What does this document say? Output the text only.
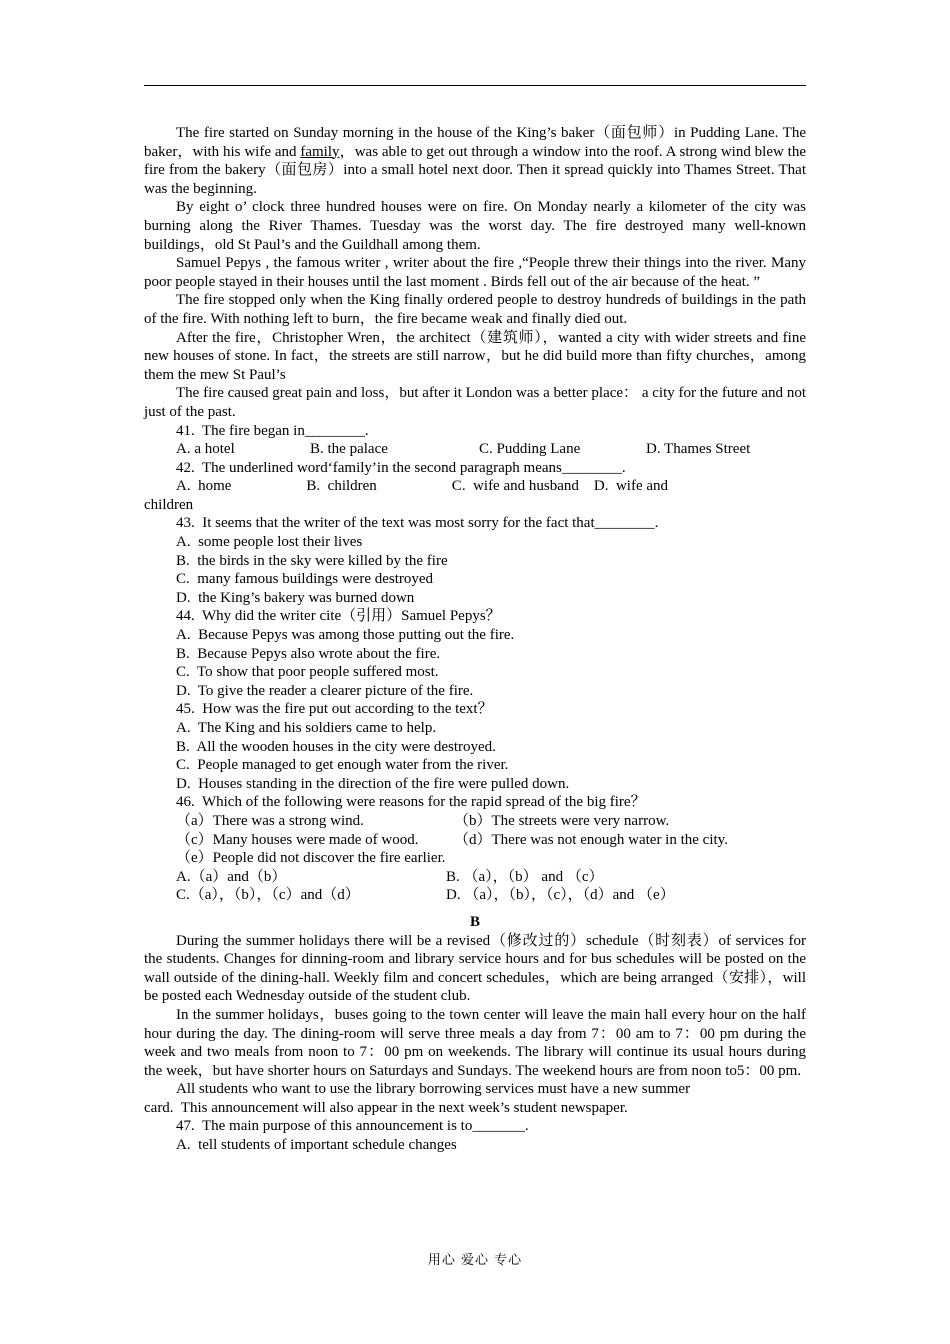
The fire started on Sunday morning in the house of the King’s baker（面包师）in Pudding Lane. The baker，with his wife and family，was able to get out through a window into the roof. A strong wind blew the fire from the bakery（面包房）into a small hotel next door. Then it spread quickly into Thames Street. That was the beginning.

By eight o’ clock three hundred houses were on fire. On Monday nearly a kilometer of the city was burning along the River Thames. Tuesday was the worst day. The fire destroyed many well-known buildings，old St Paul’s and the Guildhall among them.

Samuel Pepys , the famous writer , writer about the fire ,“People threw their things into the river. Many poor people stayed in their houses until the last moment . Birds fell out of the air because of the heat. ”

The fire stopped only when the King finally ordered people to destroy hundreds of buildings in the path of the fire. With nothing left to burn，the fire became weak and finally died out.

After the fire，Christopher Wren，the architect（建筑师），wanted a city with wider streets and fine new houses of stone. In fact，the streets are still narrow，but he did build more than fifty churches，among them the mew St Paul’s

The fire caused great pain and loss，but after it London was a better place： a city for the future and not just of the past.

41.  The fire began in________.

A. a hotel	B. the palace	C. Pudding Lane	D. Thames Street

42.  The underlined word‘family’in the second paragraph means________.

A.  home                    B.  children                    C.  wife and husband    D.  wife and

children

43.  It seems that the writer of the text was most sorry for the fact that________.

A.  some people lost their lives

B.  the birds in the sky were killed by the fire

C.  many famous buildings were destroyed

D.  the King’s bakery was burned down

44.  Why did the writer cite（引用）Samuel Pepys？

A.  Because Pepys was among those putting out the fire.

B.  Because Pepys also wrote about the fire.

C.  To show that poor people suffered most.

D.  To give the reader a clearer picture of the fire.

45.  How was the fire put out according to the text？

A.  The King and his soldiers came to help.

B.  All the wooden houses in the city were destroyed.

C.  People managed to get enough water from the river.

D.  Houses standing in the direction of the fire were pulled down.

46.  Which of the following were reasons for the rapid spread of the big fire？

（a）There was a strong wind.	（b）The streets were very narrow.
（c）Many houses were made of wood.	（d）There was not enough water in the city.

（e）People did not discover the fire earlier.

A.（a）and（b）	B. （a），（b） and （c）
C.（a），（b），（c）and（d）	D. （a），（b），（c），（d）and （e）

B

During the summer holidays there will be a revised（修改过的）schedule（时刻表）of services for the students. Changes for dinning-room and library service hours and for bus schedules will be posted on the wall outside of the dining-hall. Weekly film and concert schedules，which are being arranged（安排），will be posted each Wednesday outside of the student club.

In the summer holidays，buses going to the town center will leave the main hall every hour on the half hour during the day. The dining-room will serve three meals a day from 7：00 am to 7：00 pm during the week and two meals from noon to 7：00 pm on weekends. The library will continue its usual hours during the week，but have shorter hours on Saturdays and Sundays. The weekend hours are from noon to5：00 pm.

All students who want to use the library borrowing services must have a new summer

card.  This announcement will also appear in the next week’s student newspaper.

47.  The main purpose of this announcement is to_______.

A.  tell students of important schedule changes

用心 爱心 专心
